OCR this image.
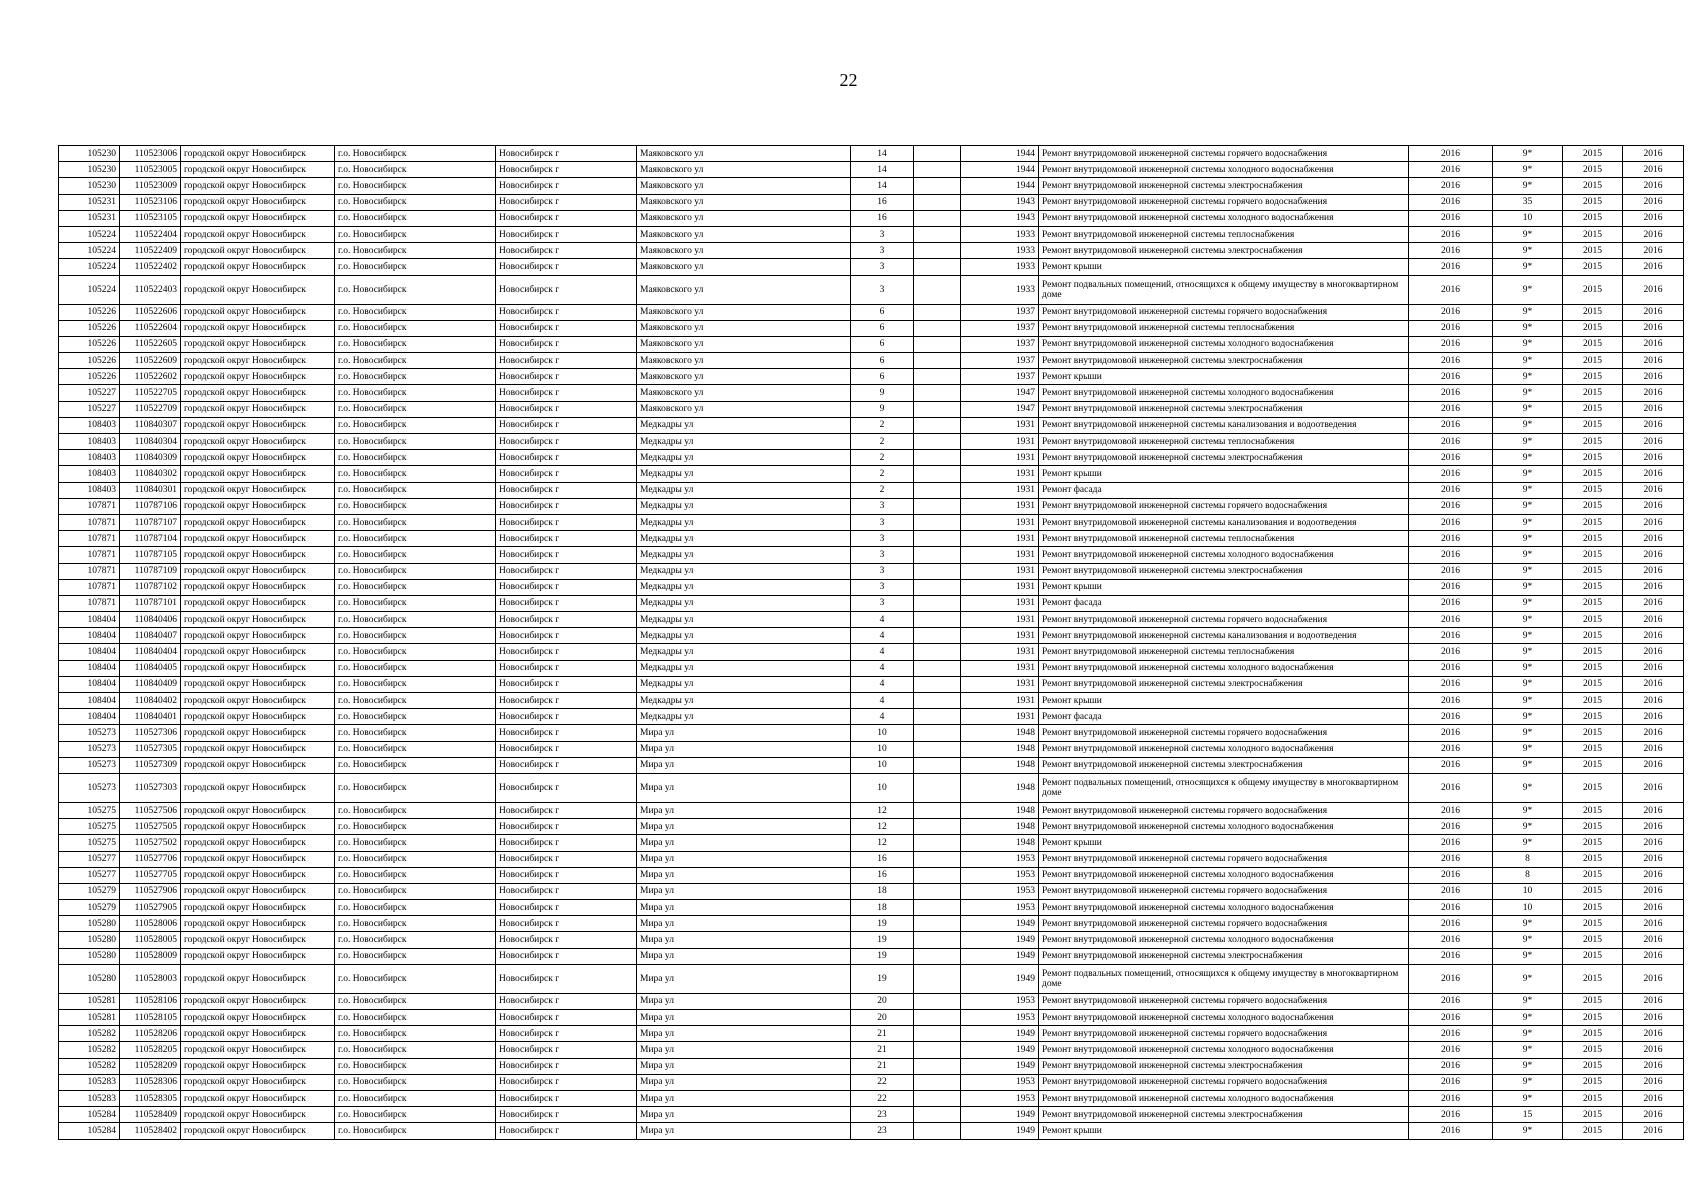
22
105230	110523006	городской округ Новосибирск	г.о. Новосибирск	Новосибирск г	Маяковского ул	14		1944	Ремонт внутридомовой инженерной системы горячего водоснабжения	2016	9*	2015	2016
105230	110523005	городской округ Новосибирск	г.о. Новосибирск	Новосибирск г	Маяковского ул	14		1944	Ремонт внутридомовой инженерной системы холодного водоснабжения	2016	9*	2015	2016
105230	110523009	городской округ Новосибирск	г.о. Новосибирск	Новосибирск г	Маяковского ул	14		1944	Ремонт внутридомовой инженерной системы электроснабжения	2016	9*	2015	2016
105231	110523106	городской округ Новосибирск	г.о. Новосибирск	Новосибирск г	Маяковского ул	16		1943	Ремонт внутридомовой инженерной системы горячего водоснабжения	2016	35	2015	2016
105231	110523105	городской округ Новосибирск	г.о. Новосибирск	Новосибирск г	Маяковского ул	16		1943	Ремонт внутридомовой инженерной системы холодного водоснабжения	2016	10	2015	2016
105224	110522404	городской округ Новосибирск	г.о. Новосибирск	Новосибирск г	Маяковского ул	3		1933	Ремонт внутридомовой инженерной системы теплоснабжения	2016	9*	2015	2016
105224	110522409	городской округ Новосибирск	г.о. Новосибирск	Новосибирск г	Маяковского ул	3		1933	Ремонт внутридомовой инженерной системы электроснабжения	2016	9*	2015	2016
105224	110522402	городской округ Новосибирск	г.о. Новосибирск	Новосибирск г	Маяковского ул	3		1933	Ремонт крыши	2016	9*	2015	2016
105224	110522403	городской округ Новосибирск	г.о. Новосибирск	Новосибирск г	Маяковского ул	3		1933	Ремонт подвальных помещений, относящихся к общему имуществу в многоквартирном доме	2016	9*	2015	2016
105226	110522606	городской округ Новосибирск	г.о. Новосибирск	Новосибирск г	Маяковского ул	6		1937	Ремонт внутридомовой инженерной системы горячего водоснабжения	2016	9*	2015	2016
105226	110522604	городской округ Новосибирск	г.о. Новосибирск	Новосибирск г	Маяковского ул	6		1937	Ремонт внутридомовой инженерной системы теплоснабжения	2016	9*	2015	2016
105226	110522605	городской округ Новосибирск	г.о. Новосибирск	Новосибирск г	Маяковского ул	6		1937	Ремонт внутридомовой инженерной системы холодного водоснабжения	2016	9*	2015	2016
105226	110522609	городской округ Новосибирск	г.о. Новосибирск	Новосибирск г	Маяковского ул	6		1937	Ремонт внутридомовой инженерной системы электроснабжения	2016	9*	2015	2016
105226	110522602	городской округ Новосибирск	г.о. Новосибирск	Новосибирск г	Маяковского ул	6		1937	Ремонт крыши	2016	9*	2015	2016
105227	110522705	городской округ Новосибирск	г.о. Новосибирск	Новосибирск г	Маяковского ул	9		1947	Ремонт внутридомовой инженерной системы холодного водоснабжения	2016	9*	2015	2016
105227	110522709	городской округ Новосибирск	г.о. Новосибирск	Новосибирск г	Маяковского ул	9		1947	Ремонт внутридомовой инженерной системы электроснабжения	2016	9*	2015	2016
108403	110840307	городской округ Новосибирск	г.о. Новосибирск	Новосибирск г	Медкадры ул	2		1931	Ремонт внутридомовой инженерной системы канализования и водоотведения	2016	9*	2015	2016
108403	110840304	городской округ Новосибирск	г.о. Новосибирск	Новосибирск г	Медкадры ул	2		1931	Ремонт внутридомовой инженерной системы теплоснабжения	2016	9*	2015	2016
108403	110840309	городской округ Новосибирск	г.о. Новосибирск	Новосибирск г	Медкадры ул	2		1931	Ремонт внутридомовой инженерной системы электроснабжения	2016	9*	2015	2016
108403	110840302	городской округ Новосибирск	г.о. Новосибирск	Новосибирск г	Медкадры ул	2		1931	Ремонт крыши	2016	9*	2015	2016
108403	110840301	городской округ Новосибирск	г.о. Новосибирск	Новосибирск г	Медкадры ул	2		1931	Ремонт фасада	2016	9*	2015	2016
107871	110787106	городской округ Новосибирск	г.о. Новосибирск	Новосибирск г	Медкадры ул	3		1931	Ремонт внутридомовой инженерной системы горячего водоснабжения	2016	9*	2015	2016
107871	110787107	городской округ Новосибирск	г.о. Новосибирск	Новосибирск г	Медкадры ул	3		1931	Ремонт внутридомовой инженерной системы канализования и водоотведения	2016	9*	2015	2016
107871	110787104	городской округ Новосибирск	г.о. Новосибирск	Новосибирск г	Медкадры ул	3		1931	Ремонт внутридомовой инженерной системы теплоснабжения	2016	9*	2015	2016
107871	110787105	городской округ Новосибирск	г.о. Новосибирск	Новосибирск г	Медкадры ул	3		1931	Ремонт внутридомовой инженерной системы холодного водоснабжения	2016	9*	2015	2016
107871	110787109	городской округ Новосибирск	г.о. Новосибирск	Новосибирск г	Медкадры ул	3		1931	Ремонт внутридомовой инженерной системы электроснабжения	2016	9*	2015	2016
107871	110787102	городской округ Новосибирск	г.о. Новосибирск	Новосибирск г	Медкадры ул	3		1931	Ремонт крыши	2016	9*	2015	2016
107871	110787101	городской округ Новосибирск	г.о. Новосибирск	Новосибирск г	Медкадры ул	3		1931	Ремонт фасада	2016	9*	2015	2016
108404	110840406	городской округ Новосибирск	г.о. Новосибирск	Новосибирск г	Медкадры ул	4		1931	Ремонт внутридомовой инженерной системы горячего водоснабжения	2016	9*	2015	2016
108404	110840407	городской округ Новосибирск	г.о. Новосибирск	Новосибирск г	Медкадры ул	4		1931	Ремонт внутридомовой инженерной системы канализования и водоотведения	2016	9*	2015	2016
108404	110840404	городской округ Новосибирск	г.о. Новосибирск	Новосибирск г	Медкадры ул	4		1931	Ремонт внутридомовой инженерной системы теплоснабжения	2016	9*	2015	2016
108404	110840405	городской округ Новосибирск	г.о. Новосибирск	Новосибирск г	Медкадры ул	4		1931	Ремонт внутридомовой инженерной системы холодного водоснабжения	2016	9*	2015	2016
108404	110840409	городской округ Новосибирск	г.о. Новосибирск	Новосибирск г	Медкадры ул	4		1931	Ремонт внутридомовой инженерной системы электроснабжения	2016	9*	2015	2016
108404	110840402	городской округ Новосибирск	г.о. Новосибирск	Новосибирск г	Медкадры ул	4		1931	Ремонт крыши	2016	9*	2015	2016
108404	110840401	городской округ Новосибирск	г.о. Новосибирск	Новосибирск г	Медкадры ул	4		1931	Ремонт фасада	2016	9*	2015	2016
105273	110527306	городской округ Новосибирск	г.о. Новосибирск	Новосибирск г	Мира ул	10		1948	Ремонт внутридомовой инженерной системы горячего водоснабжения	2016	9*	2015	2016
105273	110527305	городской округ Новосибирск	г.о. Новосибирск	Новосибирск г	Мира ул	10		1948	Ремонт внутридомовой инженерной системы холодного водоснабжения	2016	9*	2015	2016
105273	110527309	городской округ Новосибирск	г.о. Новосибирск	Новосибирск г	Мира ул	10		1948	Ремонт внутридомовой инженерной системы электроснабжения	2016	9*	2015	2016
105273	110527303	городской округ Новосибирск	г.о. Новосибирск	Новосибирск г	Мира ул	10		1948	Ремонт подвальных помещений, относящихся к общему имуществу в многоквартирном доме	2016	9*	2015	2016
105275	110527506	городской округ Новосибирск	г.о. Новосибирск	Новосибирск г	Мира ул	12		1948	Ремонт внутридомовой инженерной системы горячего водоснабжения	2016	9*	2015	2016
105275	110527505	городской округ Новосибирск	г.о. Новосибирск	Новосибирск г	Мира ул	12		1948	Ремонт внутридомовой инженерной системы холодного водоснабжения	2016	9*	2015	2016
105275	110527502	городской округ Новосибирск	г.о. Новосибирск	Новосибирск г	Мира ул	12		1948	Ремонт крыши	2016	9*	2015	2016
105277	110527706	городской округ Новосибирск	г.о. Новосибирск	Новосибирск г	Мира ул	16		1953	Ремонт внутридомовой инженерной системы горячего водоснабжения	2016	8	2015	2016
105277	110527705	городской округ Новосибирск	г.о. Новосибирск	Новосибирск г	Мира ул	16		1953	Ремонт внутридомовой инженерной системы холодного водоснабжения	2016	8	2015	2016
105279	110527906	городской округ Новосибирск	г.о. Новосибирск	Новосибирск г	Мира ул	18		1953	Ремонт внутридомовой инженерной системы горячего водоснабжения	2016	10	2015	2016
105279	110527905	городской округ Новосибирск	г.о. Новосибирск	Новосибирск г	Мира ул	18		1953	Ремонт внутридомовой инженерной системы холодного водоснабжения	2016	10	2015	2016
105280	110528006	городской округ Новосибирск	г.о. Новосибирск	Новосибирск г	Мира ул	19		1949	Ремонт внутридомовой инженерной системы горячего водоснабжения	2016	9*	2015	2016
105280	110528005	городской округ Новосибирск	г.о. Новосибирск	Новосибирск г	Мира ул	19		1949	Ремонт внутридомовой инженерной системы холодного водоснабжения	2016	9*	2015	2016
105280	110528009	городской округ Новосибирск	г.о. Новосибирск	Новосибирск г	Мира ул	19		1949	Ремонт внутридомовой инженерной системы электроснабжения	2016	9*	2015	2016
105280	110528003	городской округ Новосибирск	г.о. Новосибирск	Новосибирск г	Мира ул	19		1949	Ремонт подвальных помещений, относящихся к общему имуществу в многоквартирном доме	2016	9*	2015	2016
105281	110528106	городской округ Новосибирск	г.о. Новосибирск	Новосибирск г	Мира ул	20		1953	Ремонт внутридомовой инженерной системы горячего водоснабжения	2016	9*	2015	2016
105281	110528105	городской округ Новосибирск	г.о. Новосибирск	Новосибирск г	Мира ул	20		1953	Ремонт внутридомовой инженерной системы холодного водоснабжения	2016	9*	2015	2016
105282	110528206	городской округ Новосибирск	г.о. Новосибирск	Новосибирск г	Мира ул	21		1949	Ремонт внутридомовой инженерной системы горячего водоснабжения	2016	9*	2015	2016
105282	110528205	городской округ Новосибирск	г.о. Новосибирск	Новосибирск г	Мира ул	21		1949	Ремонт внутридомовой инженерной системы холодного водоснабжения	2016	9*	2015	2016
105282	110528209	городской округ Новосибирск	г.о. Новосибирск	Новосибирск г	Мира ул	21		1949	Ремонт внутридомовой инженерной системы электроснабжения	2016	9*	2015	2016
105283	110528306	городской округ Новосибирск	г.о. Новосибирск	Новосибирск г	Мира ул	22		1953	Ремонт внутридомовой инженерной системы горячего водоснабжения	2016	9*	2015	2016
105283	110528305	городской округ Новосибирск	г.о. Новосибирск	Новосибирск г	Мира ул	22		1953	Ремонт внутридомовой инженерной системы холодного водоснабжения	2016	9*	2015	2016
105284	110528409	городской округ Новосибирск	г.о. Новосибирск	Новосибирск г	Мира ул	23		1949	Ремонт внутридомовой инженерной системы электроснабжения	2016	15	2015	2016
105284	110528402	городской округ Новосибирск	г.о. Новосибирск	Новосибирск г	Мира ул	23		1949	Ремонт крыши	2016	9*	2015	2016
